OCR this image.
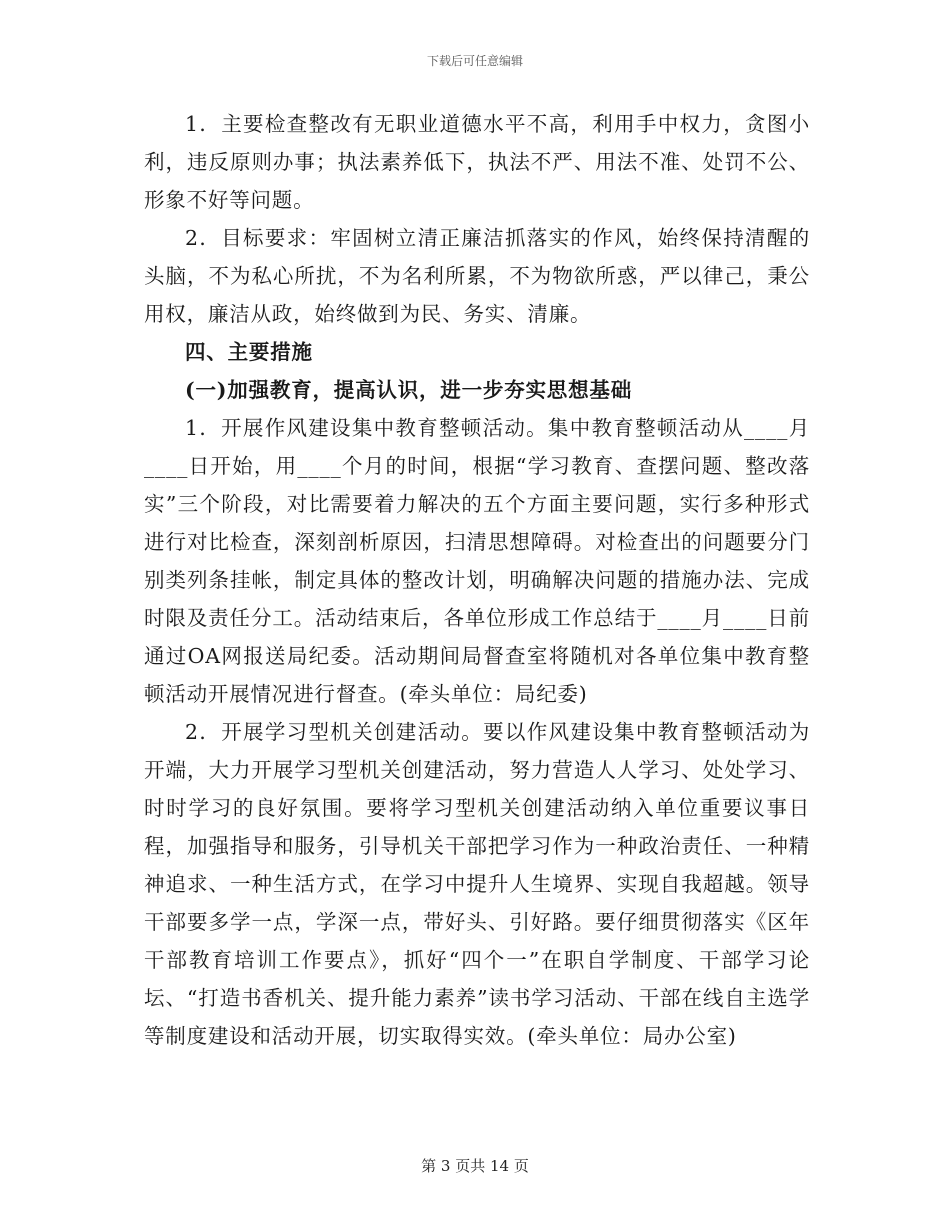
下载后可任意编辑

1．主要检查整改有无职业道德水平不高，利用手中权力，贪图小利，违反原则办事；执法素养低下，执法不严、用法不准、处罚不公、形象不好等问题。

2．目标要求：牢固树立清正廉洁抓落实的作风，始终保持清醒的头脑，不为私心所扰，不为名利所累，不为物欲所惑，严以律己，秉公用权，廉洁从政，始终做到为民、务实、清廉。

四、主要措施

(一)加强教育，提高认识，进一步夯实思想基础

1．开展作风建设集中教育整顿活动。集中教育整顿活动从____月____日开始，用____个月的时间，根据“学习教育、查摆问题、整改落实”三个阶段，对比需要着力解决的五个方面主要问题，实行多种形式进行对比检查，深刻剖析原因，扫清思想障碍。对检查出的问题要分门别类列条挂帐，制定具体的整改计划，明确解决问题的措施办法、完成时限及责任分工。活动结束后，各单位形成工作总结于____月____日前通过OA网报送局纪委。活动期间局督查室将随机对各单位集中教育整顿活动开展情况进行督查。(牵头单位：局纪委)

2．开展学习型机关创建活动。要以作风建设集中教育整顿活动为开端，大力开展学习型机关创建活动，努力营造人人学习、处处学习、时时学习的良好氛围。要将学习型机关创建活动纳入单位重要议事日程，加强指导和服务，引导机关干部把学习作为一种政治责任、一种精神追求、一种生活方式，在学习中提升人生境界、实现自我超越。领导干部要多学一点，学深一点，带好头、引好路。要仔细贯彻落实《区年干部教育培训工作要点》，抓好“四个一”在职自学制度、干部学习论坛、“打造书香机关、提升能力素养”读书学习活动、干部在线自主选学等制度建设和活动开展，切实取得实效。(牵头单位：局办公室)

第 3 页共 14 页
